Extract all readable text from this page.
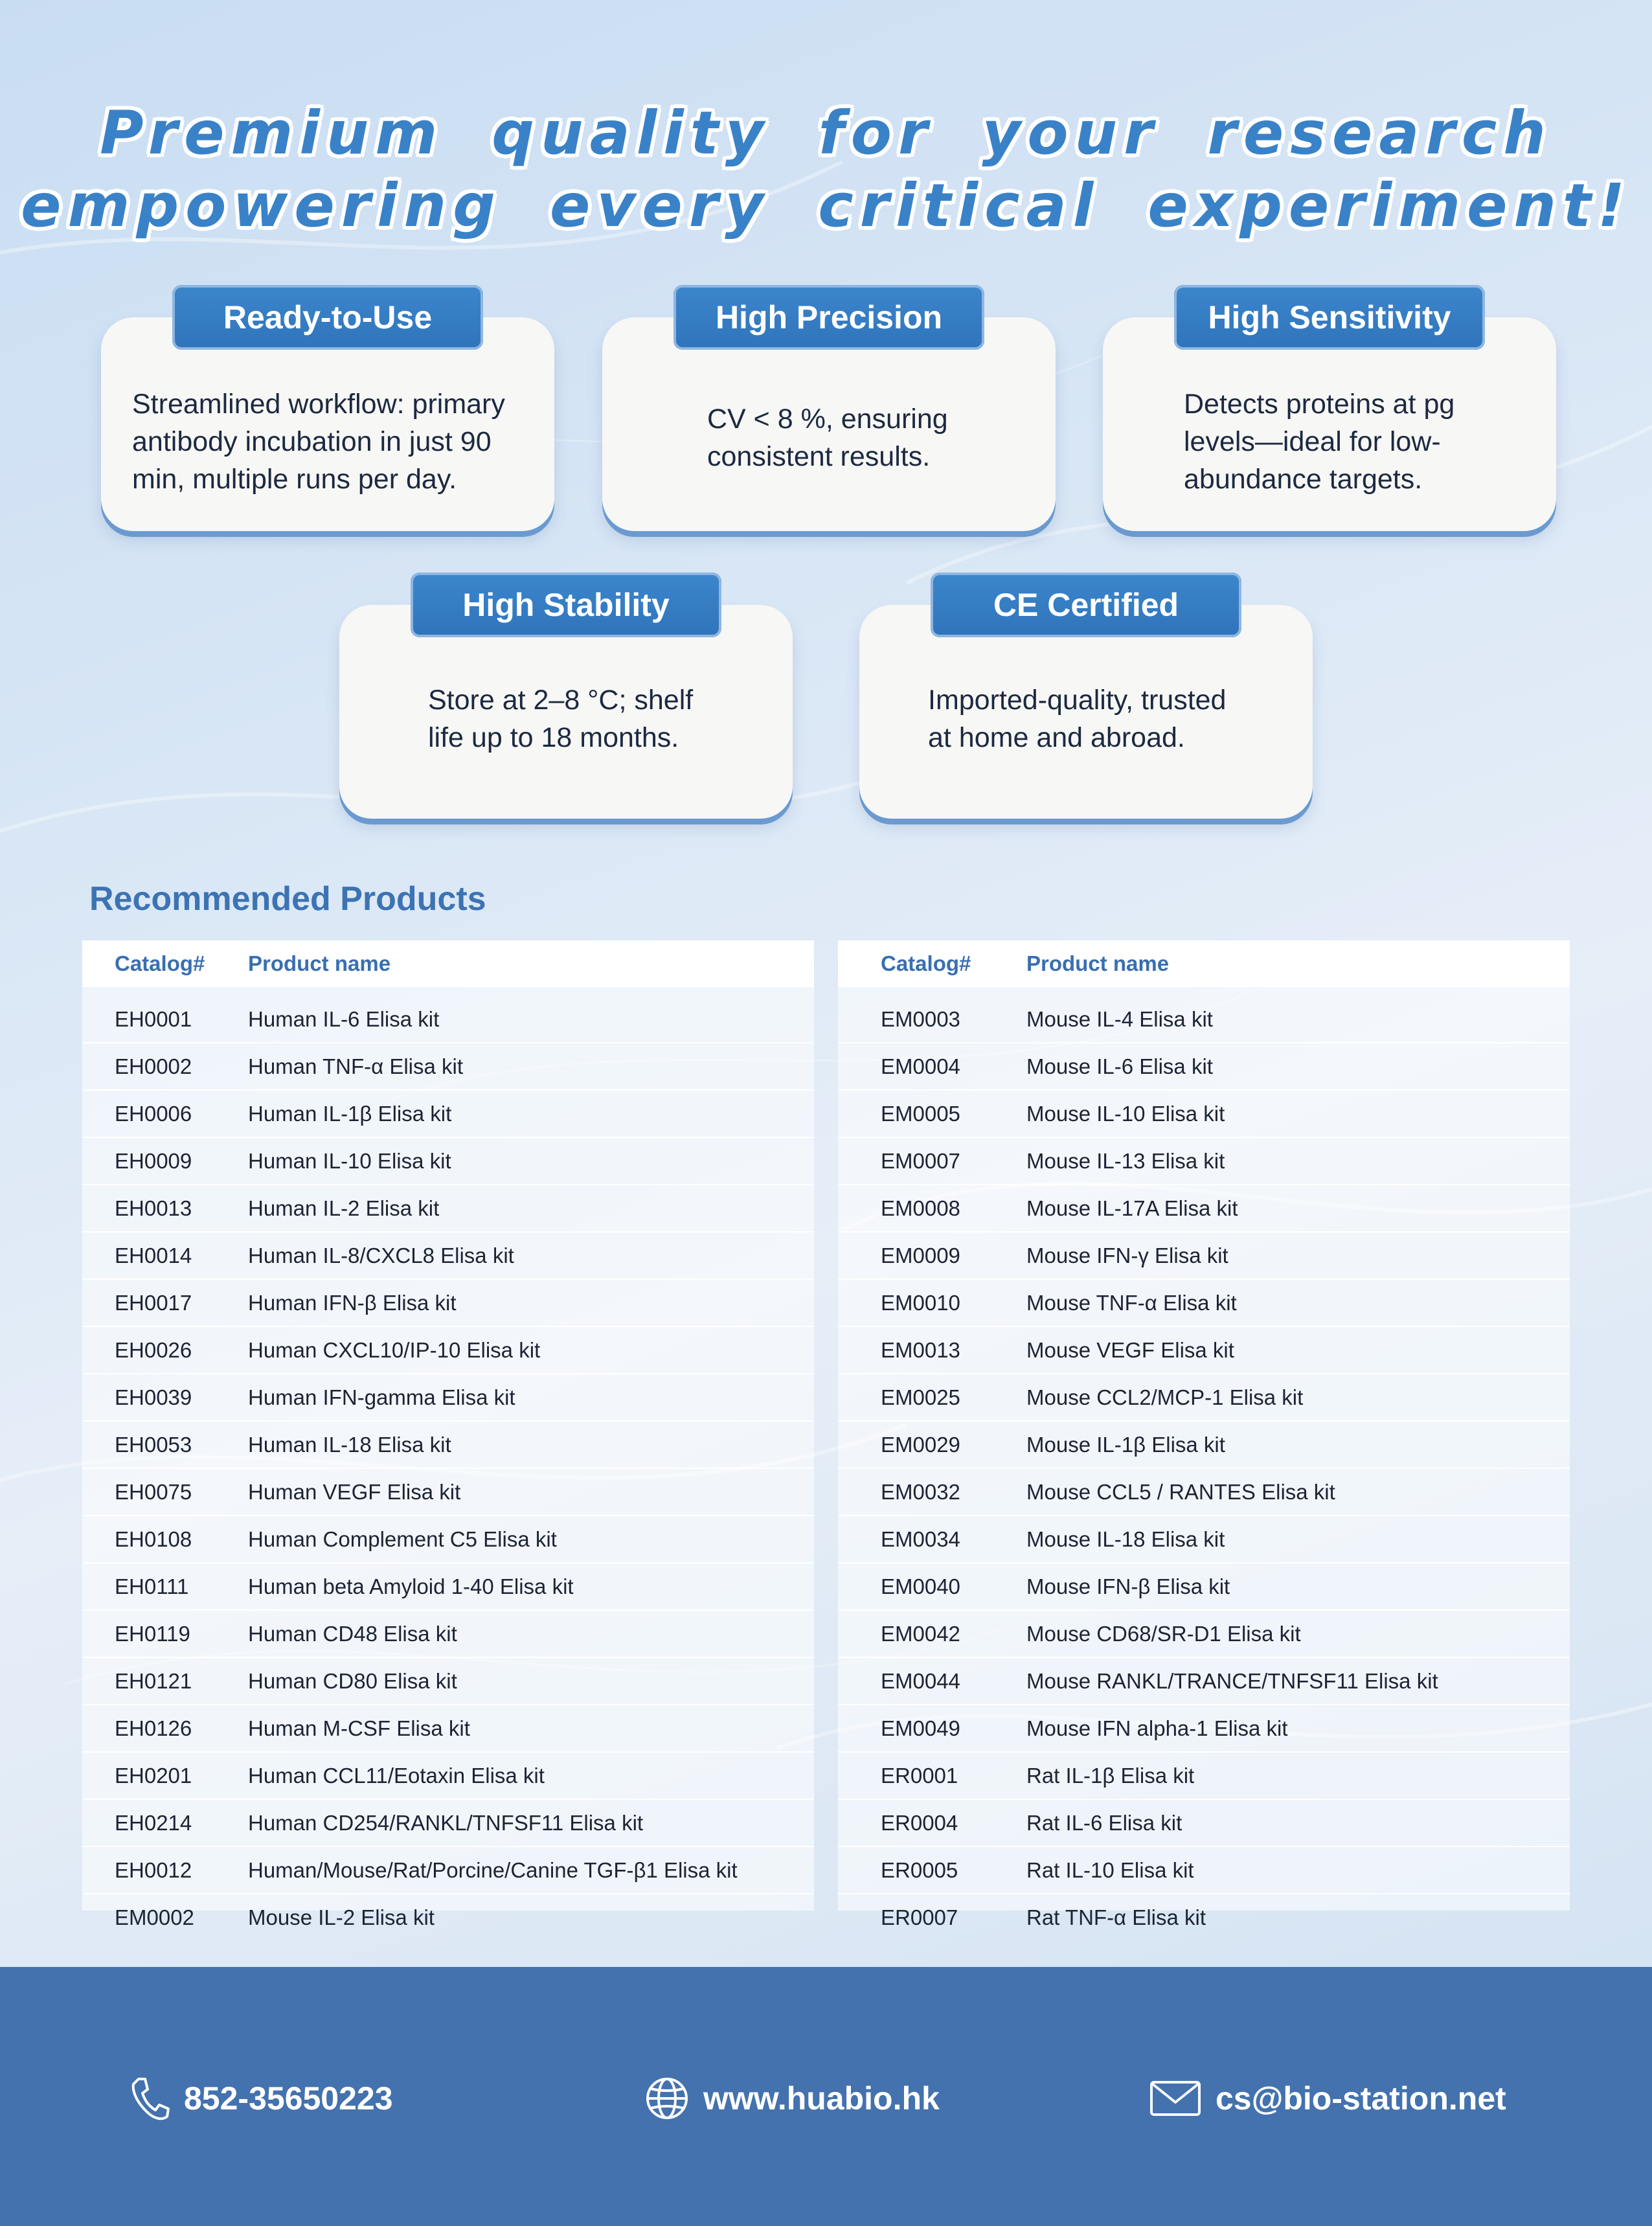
Premium quality for your research
empowering every critical experiment!
Ready-to-Use
Streamlined workflow: primary antibody incubation in just 90 min, multiple runs per day.
High Precision
CV < 8 %, ensuring consistent results.
High Sensitivity
Detects proteins at pg levels—ideal for low-abundance targets.
High Stability
Store at 2–8 °C; shelf life up to 18 months.
CE Certified
Imported-quality, trusted at home and abroad.
Recommended Products
Catalog#	Product name
EH0001	Human IL-6 Elisa kit
EH0002	Human TNF-α Elisa kit
EH0006	Human IL-1β Elisa kit
EH0009	Human IL-10 Elisa kit
EH0013	Human IL-2 Elisa kit
EH0014	Human IL-8/CXCL8 Elisa kit
EH0017	Human IFN-β Elisa kit
EH0026	Human CXCL10/IP-10 Elisa kit
EH0039	Human IFN-gamma Elisa kit
EH0053	Human IL-18 Elisa kit
EH0075	Human VEGF Elisa kit
EH0108	Human Complement C5 Elisa kit
EH0111	Human beta Amyloid 1-40 Elisa kit
EH0119	Human CD48 Elisa kit
EH0121	Human CD80 Elisa kit
EH0126	Human M-CSF Elisa kit
EH0201	Human CCL11/Eotaxin Elisa kit
EH0214	Human CD254/RANKL/TNFSF11 Elisa kit
EH0012	Human/Mouse/Rat/Porcine/Canine TGF-β1 Elisa kit
EM0002	Mouse IL-2 Elisa kit
Catalog#	Product name
EM0003	Mouse IL-4 Elisa kit
EM0004	Mouse IL-6 Elisa kit
EM0005	Mouse IL-10 Elisa kit
EM0007	Mouse IL-13 Elisa kit
EM0008	Mouse IL-17A Elisa kit
EM0009	Mouse IFN-γ Elisa kit
EM0010	Mouse TNF-α Elisa kit
EM0013	Mouse VEGF Elisa kit
EM0025	Mouse CCL2/MCP-1 Elisa kit
EM0029	Mouse IL-1β Elisa kit
EM0032	Mouse CCL5 / RANTES Elisa kit
EM0034	Mouse IL-18 Elisa kit
EM0040	Mouse IFN-β Elisa kit
EM0042	Mouse CD68/SR-D1 Elisa kit
EM0044	Mouse RANKL/TRANCE/TNFSF11 Elisa kit
EM0049	Mouse IFN alpha-1 Elisa kit
ER0001	Rat IL-1β Elisa kit
ER0004	Rat IL-6 Elisa kit
ER0005	Rat IL-10 Elisa kit
ER0007	Rat TNF-α Elisa kit
852-35650223	www.huabio.hk	cs@bio-station.net
